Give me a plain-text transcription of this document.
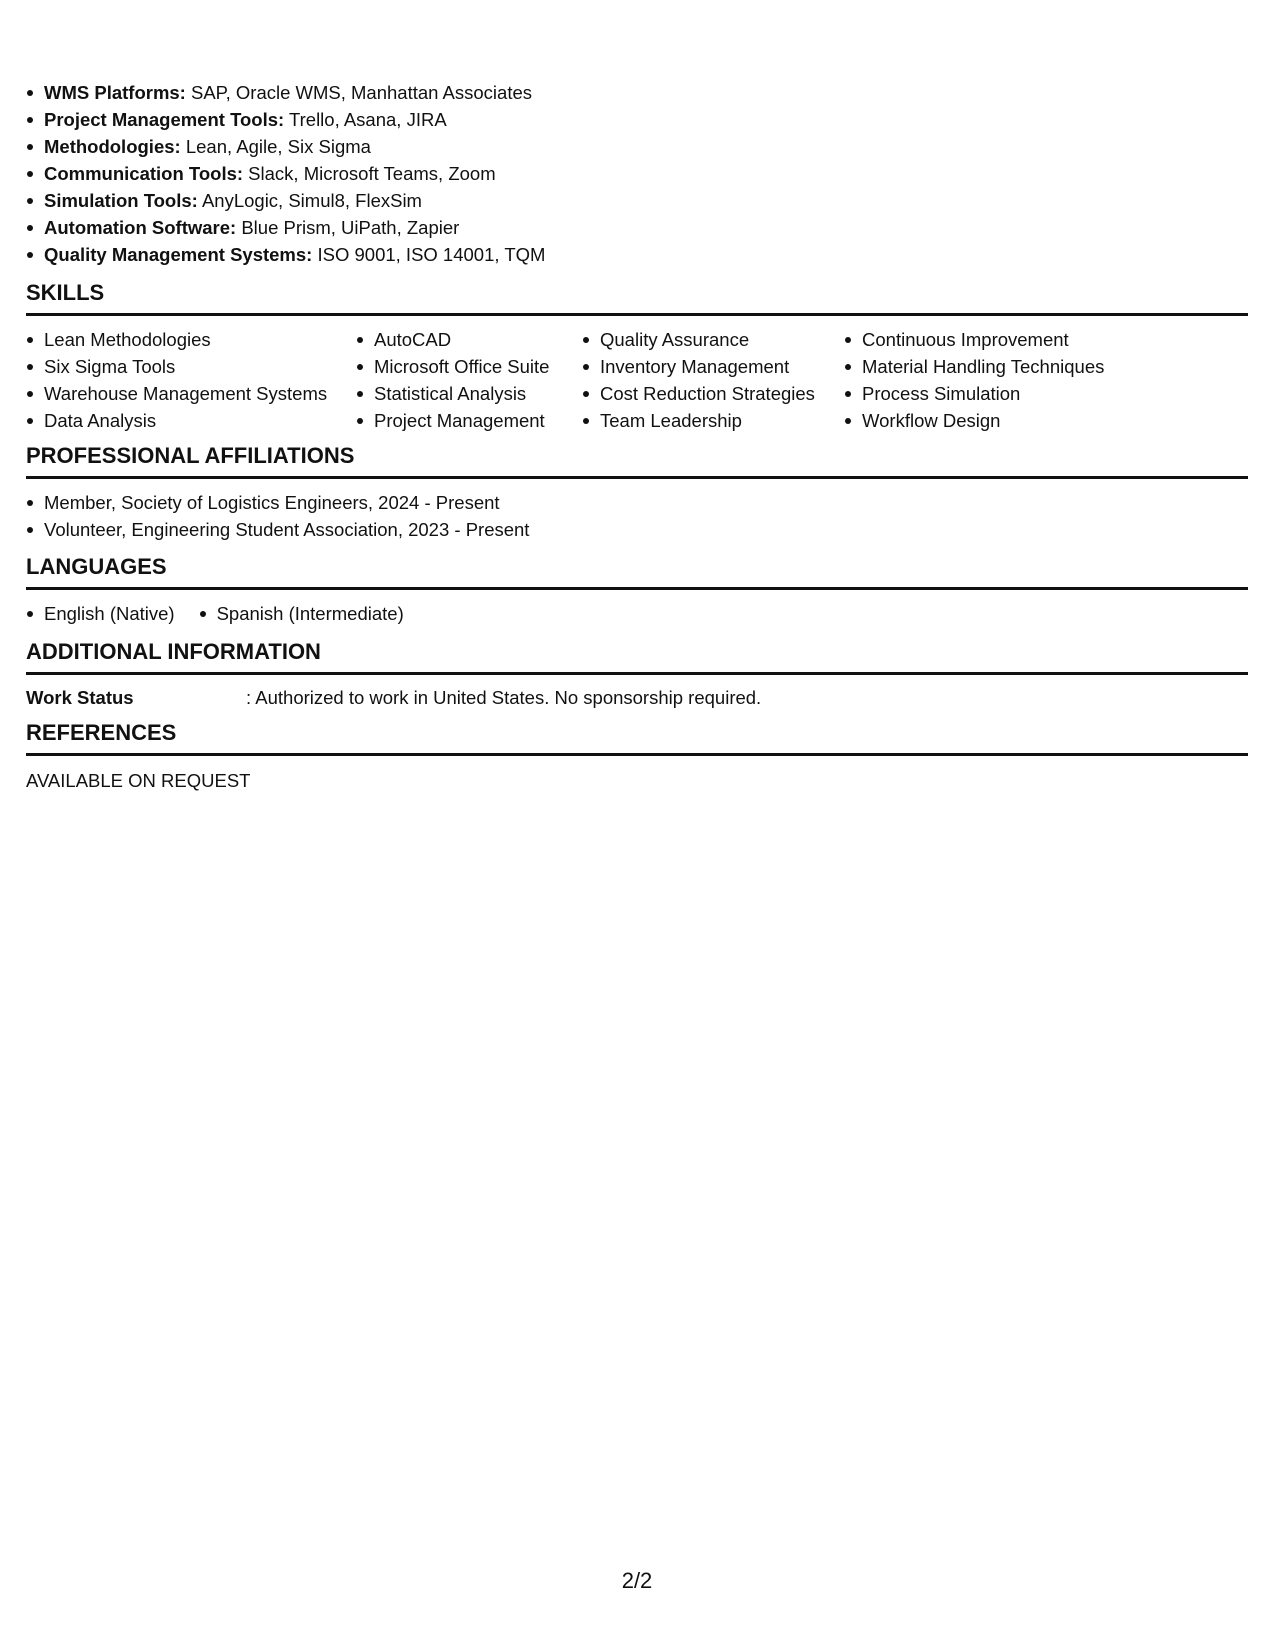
WMS Platforms: SAP, Oracle WMS, Manhattan Associates
Project Management Tools: Trello, Asana, JIRA
Methodologies: Lean, Agile, Six Sigma
Communication Tools: Slack, Microsoft Teams, Zoom
Simulation Tools: AnyLogic, Simul8, FlexSim
Automation Software: Blue Prism, UiPath, Zapier
Quality Management Systems: ISO 9001, ISO 14001, TQM
SKILLS
Lean Methodologies
Six Sigma Tools
Warehouse Management Systems
Data Analysis
AutoCAD
Microsoft Office Suite
Statistical Analysis
Project Management
Quality Assurance
Inventory Management
Cost Reduction Strategies
Team Leadership
Continuous Improvement
Material Handling Techniques
Process Simulation
Workflow Design
PROFESSIONAL AFFILIATIONS
Member, Society of Logistics Engineers, 2024 - Present
Volunteer, Engineering Student Association, 2023 - Present
LANGUAGES
English (Native)	Spanish (Intermediate)
ADDITIONAL INFORMATION
Work Status	: Authorized to work in United States. No sponsorship required.
REFERENCES
AVAILABLE ON REQUEST
2/2
